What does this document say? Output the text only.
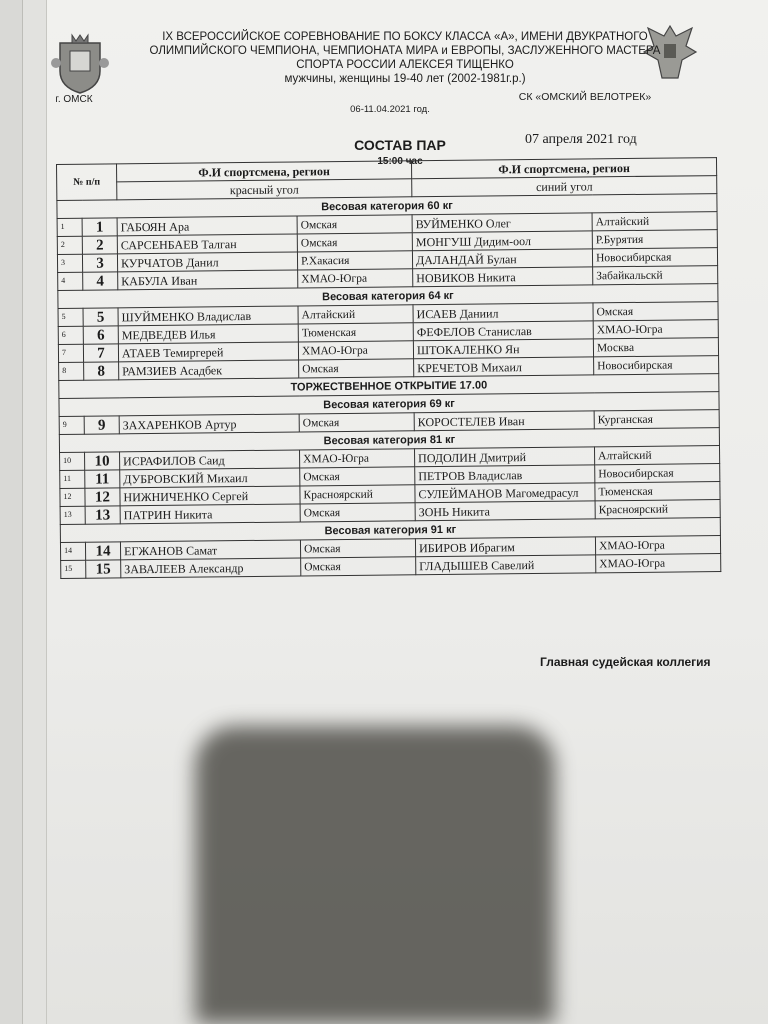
IX ВСЕРОССИЙСКОЕ СОРЕВНОВАНИЕ ПО БОКСУ КЛАССА «А», ИМЕНИ ДВУКРАТНОГО ОЛИМПИЙСКОГО ЧЕМПИОНА, ЧЕМПИОНАТА МИРА и ЕВРОПЫ, ЗАСЛУЖЕННОГО МАСТЕРА СПОРТА РОССИИ АЛЕКСЕЯ ТИЩЕНКО
мужчины, женщины 19-40 лет (2002-1981г.р.)
г. ОМСК
06-11.04.2021 год.
СК «ОМСКИЙ ВЕЛОТРЕК»
СОСТАВ ПАР	07 апреля 2021 год
15:00 час
№ п/п		Ф.И спортсмена, регион		Ф.И спортсмена, регион	
		красный угол		синий угол	
Весовая категория 60 кг					
1	1	ГАБОЯН Ара	Омская	ВУЙМЕНКО Олег	Алтайский
2	2	САРСЕНБАЕВ Талган	Омская	МОНГУШ Дидим-оол	Р.Бурятия
3	3	КУРЧАТОВ Данил	Р.Хакасия	ДАЛАНДАЙ Булан	Новосибирская
4	4	КАБУЛА Иван	ХМАО-Югра	НОВИКОВ Никита	Забайкальскй
Весовая категория 64 кг					
5	5	ШУЙМЕНКО Владислав	Алтайский	ИСАЕВ Даниил	Омская
6	6	МЕДВЕДЕВ Илья	Тюменская	ФЕФЕЛОВ Станислав	ХМАО-Югра
7	7	АТАЕВ Темиргерей	ХМАО-Югра	ШТОКАЛЕНКО Ян	Москва
8	8	РАМЗИЕВ Асадбек	Омская	КРЕЧЕТОВ Михаил	Новосибирская
ТОРЖЕСТВЕННОЕ ОТКРЫТИЕ 17.00					
Весовая категория 69 кг					
9	9	ЗАХАРЕНКОВ Артур	Омская	КОРОСТЕЛЕВ Иван	Курганская
Весовая категория 81 кг					
10	10	ИСРАФИЛОВ Саид	ХМАО-Югра	ПОДОЛИН Дмитрий	Алтайский
11	11	ДУБРОВСКИЙ Михаил	Омская	ПЕТРОВ Владислав	Новосибирская
12	12	НИЖНИЧЕНКО Сергей	Красноярский	СУЛЕЙМАНОВ Магомедрасул	Тюменская
13	13	ПАТРИН Никита	Омская	ЗОНЬ Никита	Красноярский
Весовая категория 91 кг					
14	14	ЕГЖАНОВ Самат	Омская	ИБИРОВ Ибрагим	ХМАО-Югра
15	15	ЗАВАЛЕЕВ Александр	Омская	ГЛАДЫШЕВ Савелий	ХМАО-Югра
Главная судейская коллегия
